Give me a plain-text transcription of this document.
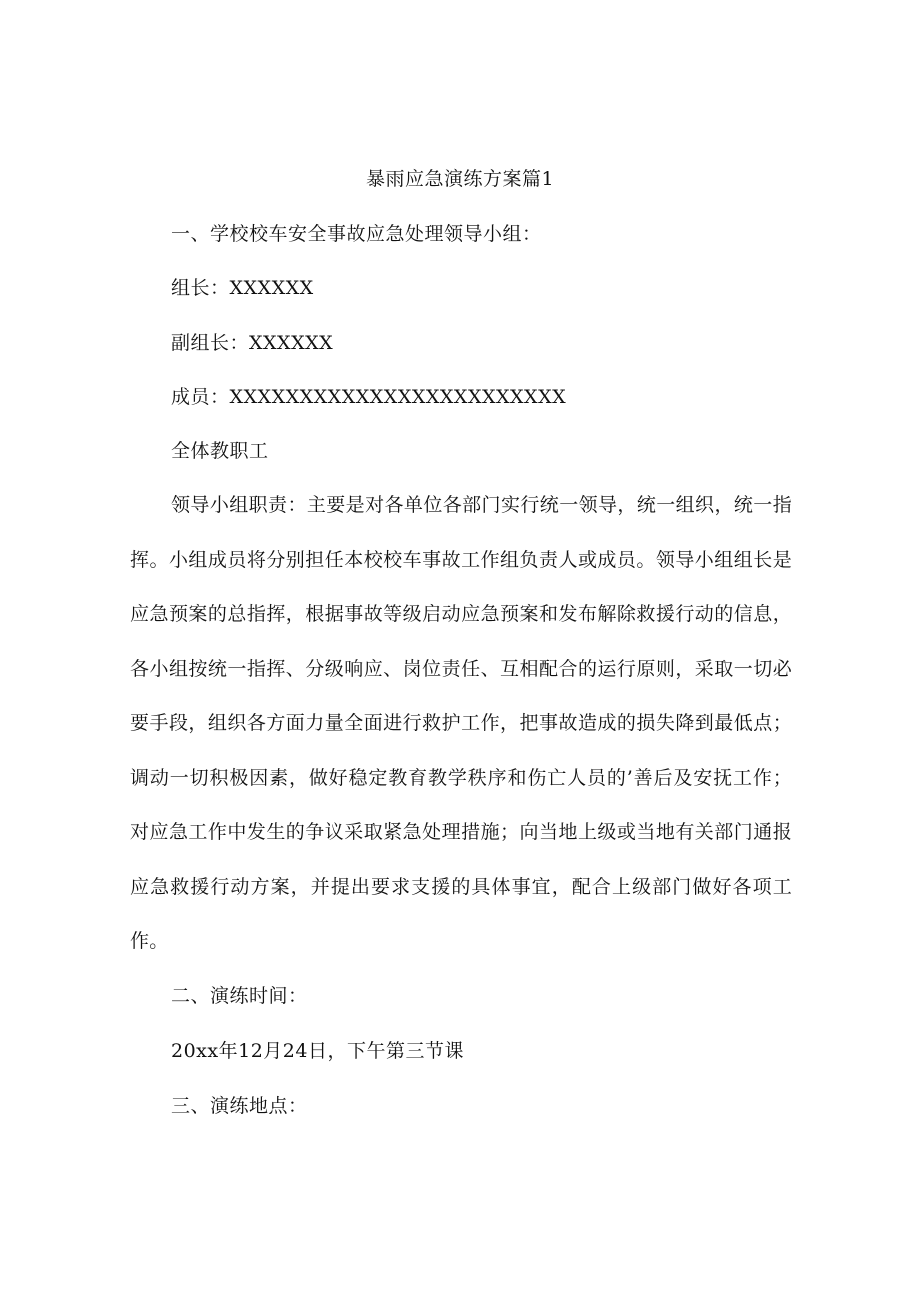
暴雨应急演练方案篇1
一、学校校车安全事故应急处理领导小组：
组长：XXXXXX
副组长：XXXXXX
成员：XXXXXXXXXXXXXXXXXXXXXXXX
全体教职工
领导小组职责：主要是对各单位各部门实行统一领导，统一组织，统一指挥。小组成员将分别担任本校校车事故工作组负责人或成员。领导小组组长是应急预案的总指挥，根据事故等级启动应急预案和发布解除救援行动的信息，各小组按统一指挥、分级响应、岗位责任、互相配合的运行原则，采取一切必要手段，组织各方面力量全面进行救护工作，把事故造成的损失降到最低点；调动一切积极因素，做好稳定教育教学秩序和伤亡人员的’善后及安抚工作；对应急工作中发生的争议采取紧急处理措施；向当地上级或当地有关部门通报应急救援行动方案，并提出要求支援的具体事宜，配合上级部门做好各项工作。
二、演练时间：
20xx年12月24日，下午第三节课
三、演练地点：
